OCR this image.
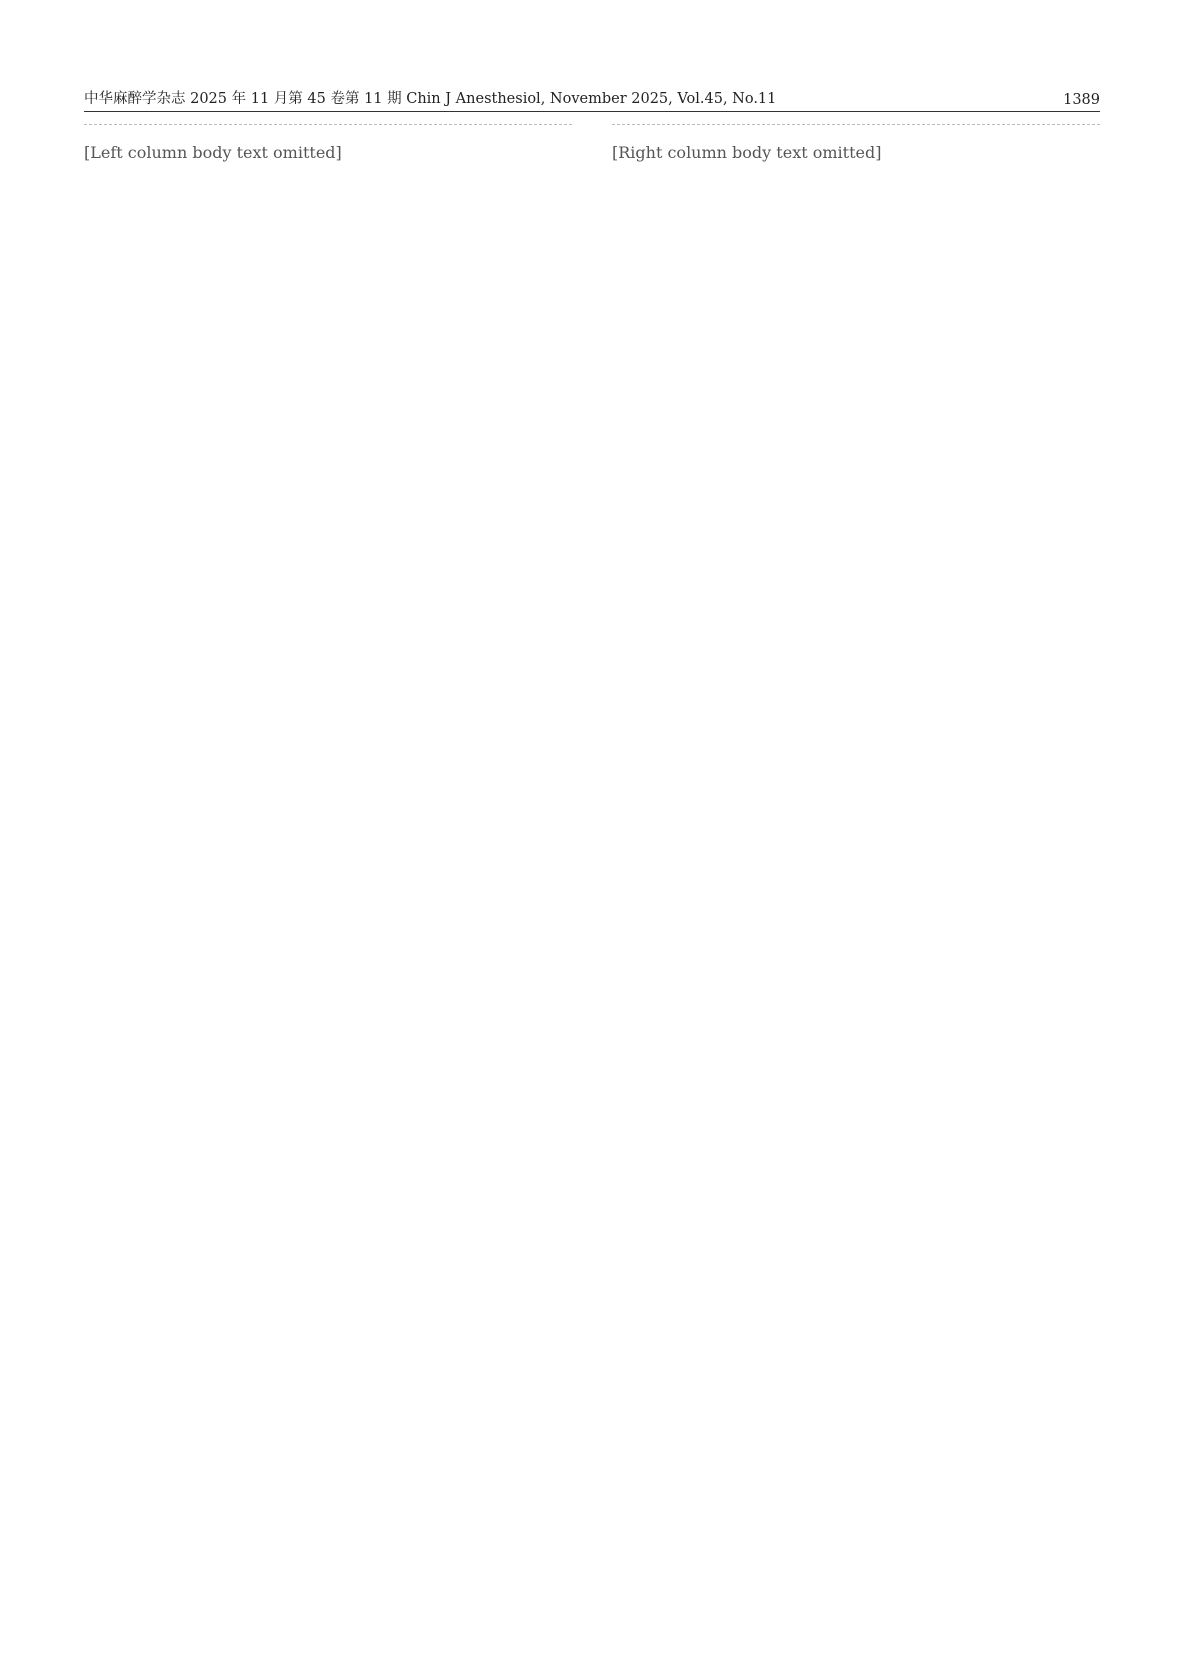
中华麻醉学杂志 2025 年 11 月第 45 卷第 11 期 Chin J Anesthesiol, November 2025, Vol.45, No.11	1389
[Left column body text omitted]	[Right column body text omitted]
